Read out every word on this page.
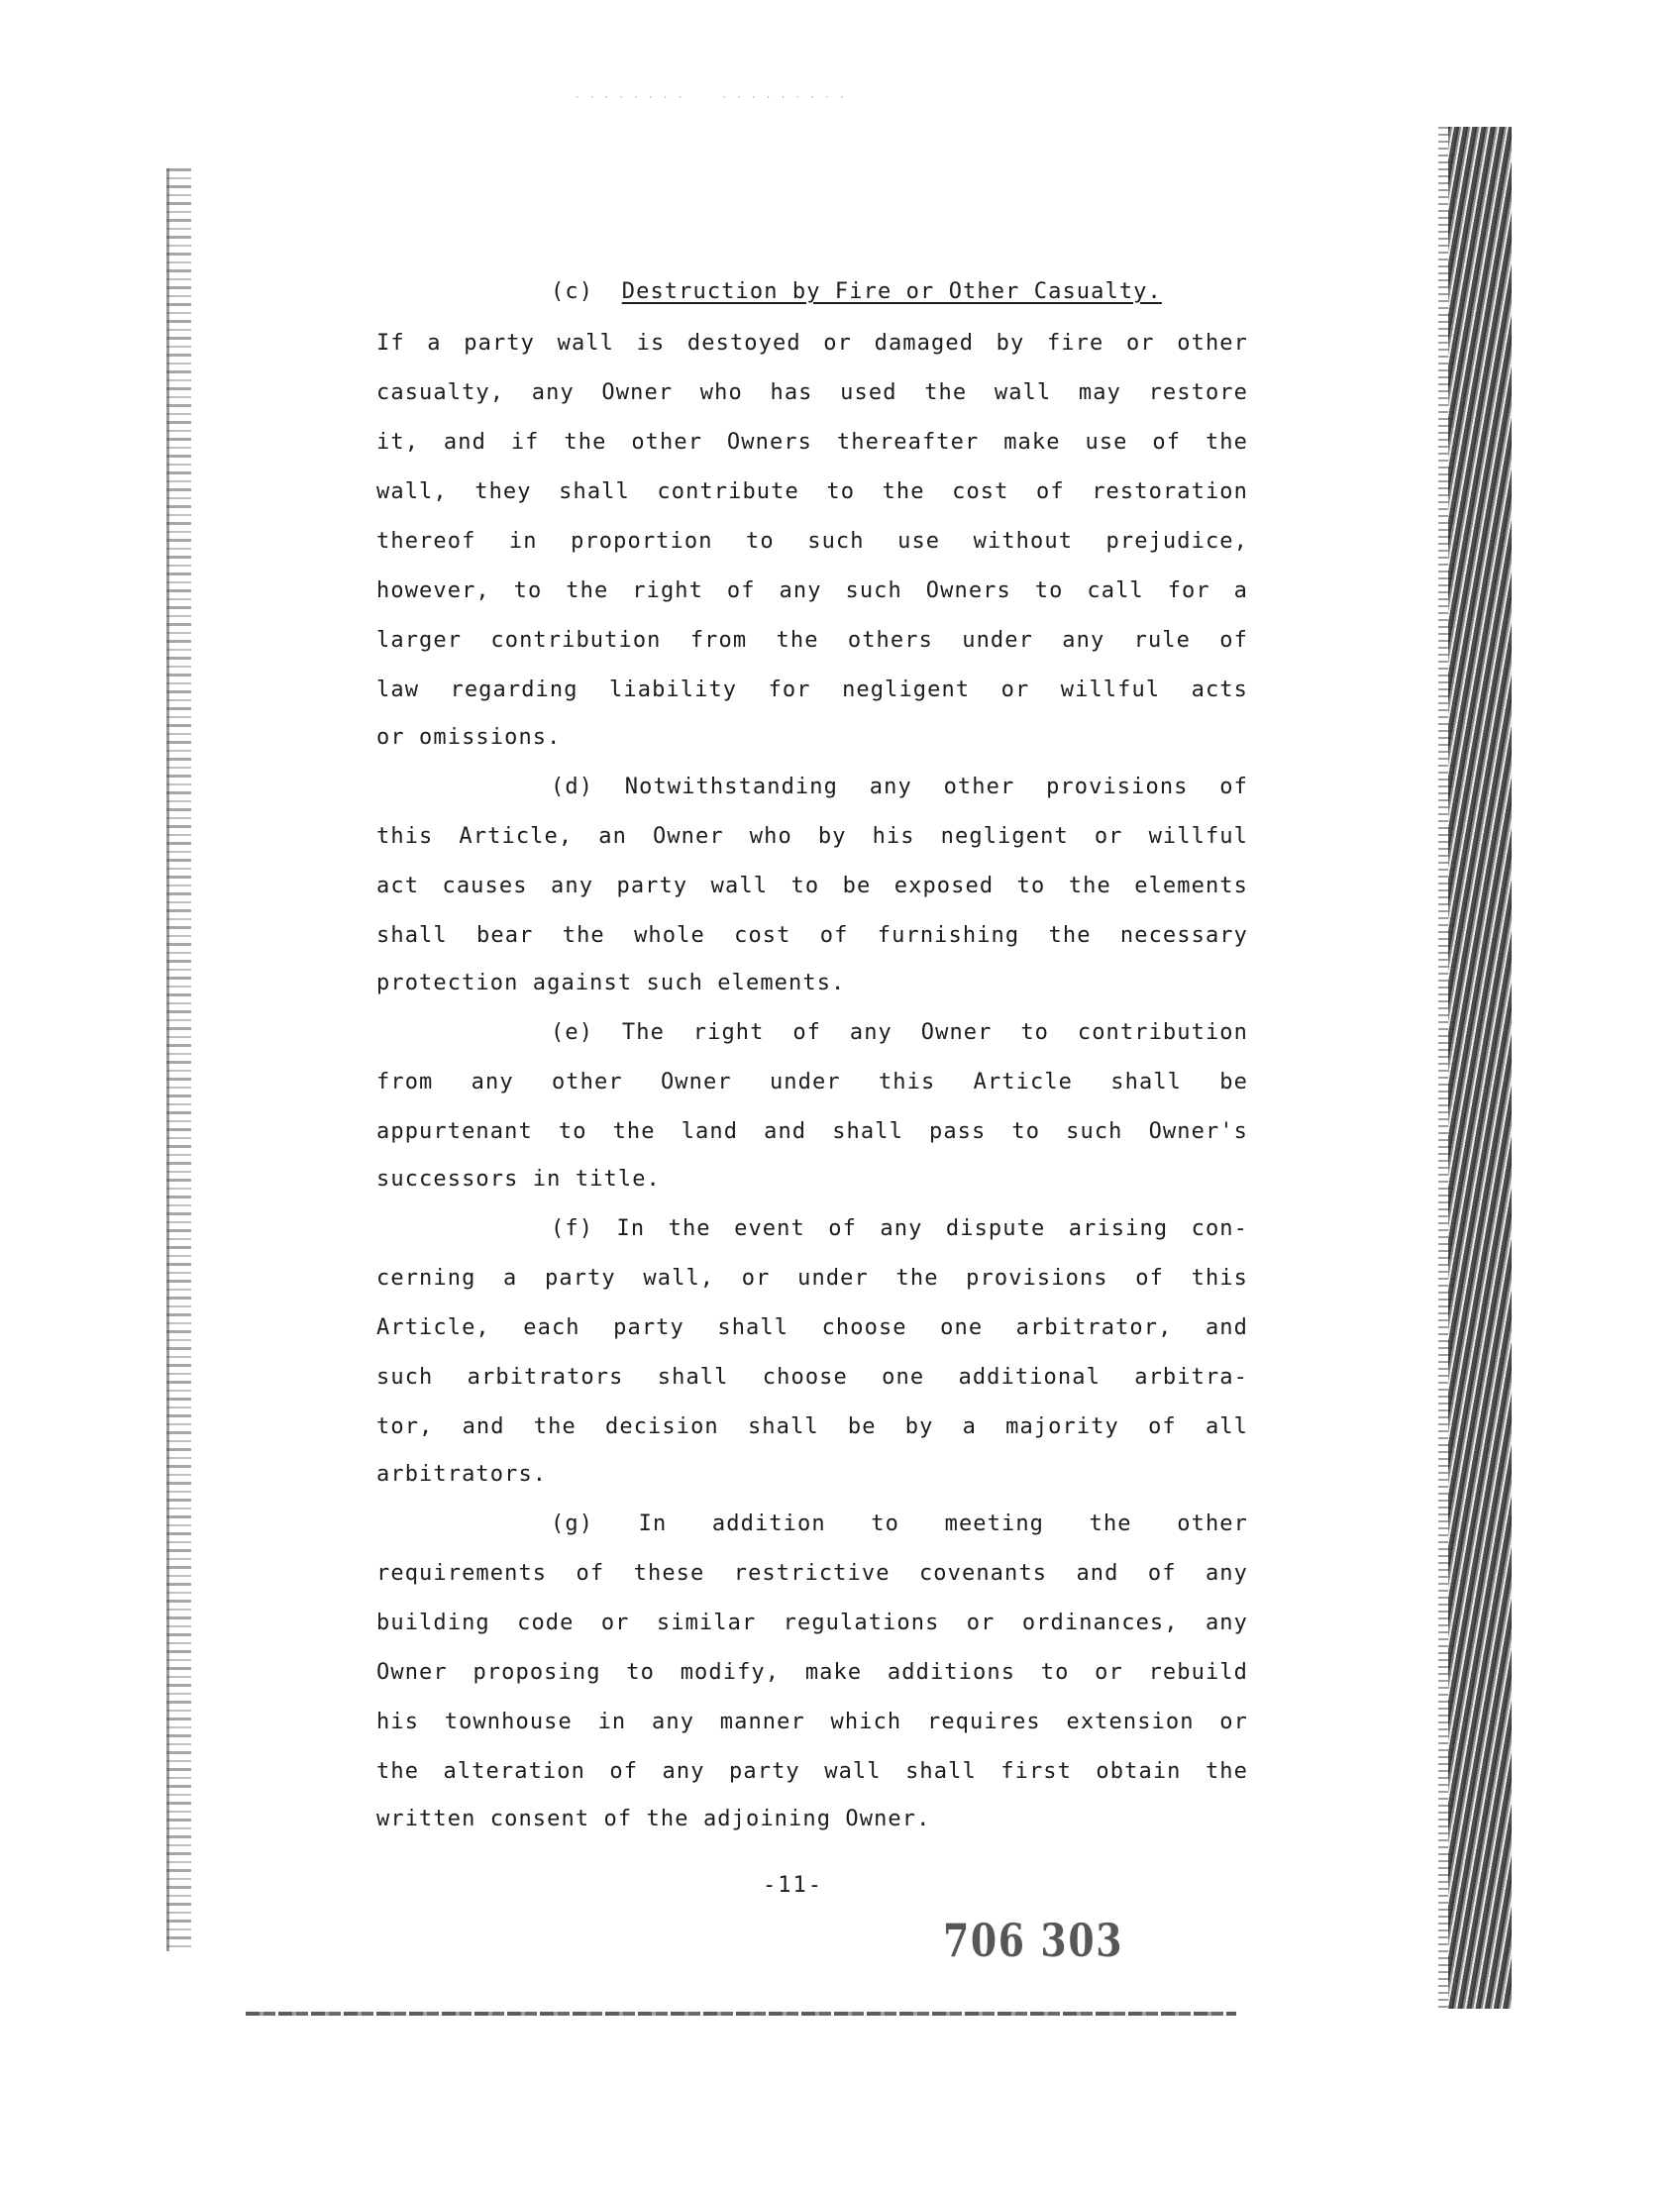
· · · · · · · ·     · · · · · · · · ·
(c) Destruction by Fire or Other Casualty.
If a party wall is destoyed or damaged by fire or other
casualty, any Owner who has used the wall may restore
it, and if the other Owners thereafter make use of the
wall, they shall contribute to the cost of restoration
thereof in proportion to such use without prejudice,
however, to the right of any such Owners to call for a
larger contribution from the others under any rule of
law regarding liability for negligent or willful acts
or omissions.
(d) Notwithstanding any other provisions of
this Article, an Owner who by his negligent or willful
act causes any party wall to be exposed to the elements
shall bear the whole cost of furnishing the necessary
protection against such elements.
(e) The right of any Owner to contribution
from any other Owner under this Article shall be
appurtenant to the land and shall pass to such Owner's
successors in title.
(f) In the event of any dispute arising con-
cerning a party wall, or under the provisions of this
Article, each party shall choose one arbitrator, and
such arbitrators shall choose one additional arbitra-
tor, and the decision shall be by a majority of all
arbitrators.
(g) In addition to meeting the other
requirements of these restrictive covenants and of any
building code or similar regulations or ordinances, any
Owner proposing to modify, make additions to or rebuild
his townhouse in any manner which requires extension or
the alteration of any party wall shall first obtain the
written consent of the adjoining Owner.
-11-
706 303
